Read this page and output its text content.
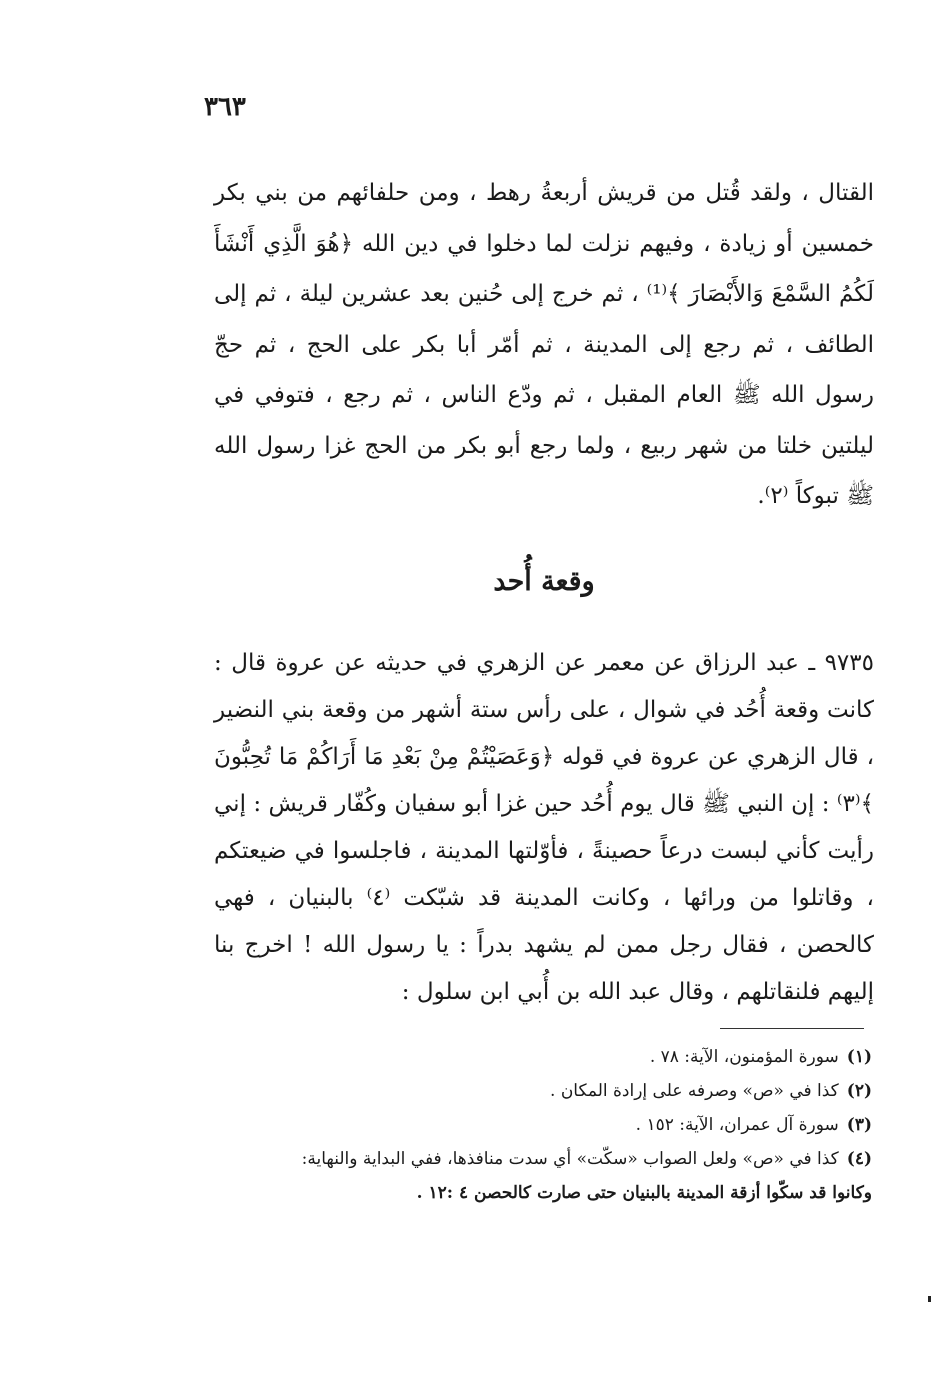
٣٦٣
القتال ، ولقد قُتل من قريش أربعةُ رهط ، ومن حلفائهم من بني بكر خمسين أو زيادة ، وفيهم نزلت لما دخلوا في دين الله ﴿هُوَ الَّذِي أَنْشَأَ لَكُمُ السَّمْعَ وَالأَبْصَارَ ﴾⁽¹⁾ ، ثم خرج إلى حُنين بعد عشرين ليلة ، ثم إلى الطائف ، ثم رجع إلى المدينة ، ثم أمّر أبا بكر على الحج ، ثم حجّ رسول الله ﷺ العام المقبل ، ثم ودّع الناس ، ثم رجع ، فتوفي في ليلتين خلتا من شهر ربيع ، ولما رجع أبو بكر من الحج غزا رسول الله ﷺ تبوكاً ⁽٢⁾.
وقعة أُحد
٩٧٣٥ ـ عبد الرزاق عن معمر عن الزهري في حديثه عن عروة قال : كانت وقعة أُحُد في شوال ، على رأس ستة أشهر من وقعة بني النضير ، قال الزهري عن عروة في قوله ﴿وَعَصَيْتُمْ مِنْ بَعْدِ مَا أَرَاكُمْ مَا تُحِبُّونَ ﴾⁽٣⁾ : إن النبي ﷺ قال يوم أُحُد حين غزا أبو سفيان وكُفّار قريش : إني رأيت كأني لبست درعاً حصينةً ، فأوّلتها المدينة ، فاجلسوا في ضيعتكم ، وقاتلوا من ورائها ، وكانت المدينة قد شبّكت ⁽٤⁾ بالبنيان ، فهي كالحصن ، فقال رجل ممن لم يشهد بدراً : يا رسول الله ! اخرج بنا إليهم فلنقاتلهم ، وقال عبد الله بن أُبي ابن سلول :
(١)سورة المؤمنون، الآية: ٧٨ .
(٢)كذا في «ص» وصرفه على إرادة المكان .
(٣)سورة آل عمران، الآية: ١٥٢ .
(٤)كذا في «ص» ولعل الصواب «سكّت» أي سدت منافذها، ففي البداية والنهاية:
وكانوا قد سكّوا أزقة المدينة بالبنيان حتى صارت كالحصن ٤ :١٢ .
